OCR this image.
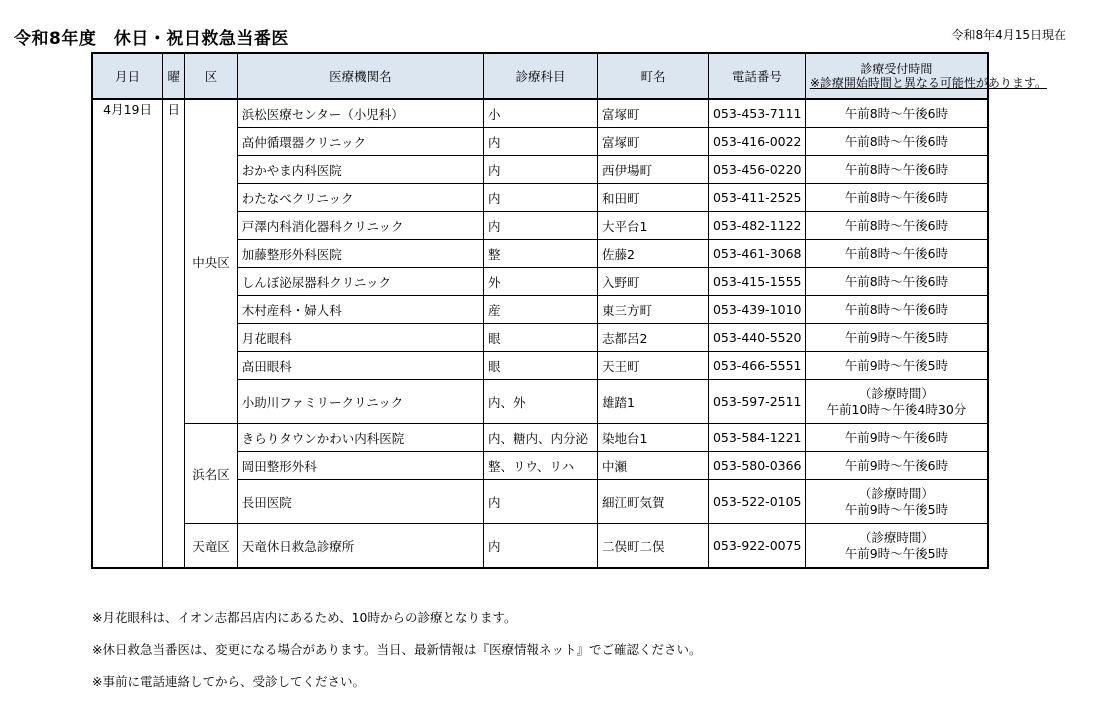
令和8年度　休日・祝日救急当番医	令和8年4月15日現在
月日	曜	区	医療機関名	診療科目	町名	電話番号	診療受付時間
※診療開始時間と異なる可能性があります。

4月19日	日	中央区	浜松医療センター（小児科）	小	富塚町	053-453-7111	午前8時～午後6時
			高仲循環器クリニック	内	富塚町	053-416-0022	午前8時～午後6時
			おかやま内科医院	内	西伊場町	053-456-0220	午前8時～午後6時
			わたなべクリニック	内	和田町	053-411-2525	午前8時～午後6時
			戸澤内科消化器科クリニック	内	大平台1	053-482-1122	午前8時～午後6時
			加藤整形外科医院	整	佐藤2	053-461-3068	午前8時～午後6時
			しんぼ泌尿器科クリニック	外	入野町	053-415-1555	午前8時～午後6時
			木村産科・婦人科	産	東三方町	053-439-1010	午前8時～午後6時
			月花眼科	眼	志都呂2	053-440-5520	午前9時～午後5時
			高田眼科	眼	天王町	053-466-5551	午前9時～午後5時
			小助川ファミリークリニック	内、外	雄踏1	053-597-2511	（診療時間）
午前10時～午後4時30分

		浜名区	きらりタウンかわい内科医院	内、糖内、内分泌	染地台1	053-584-1221	午前9時～午後6時
			岡田整形外科	整、リウ、リハ	中瀬	053-580-0366	午前9時～午後6時
			長田医院	内	細江町気賀	053-522-0105	（診療時間）
午前9時～午後5時

		天竜区	天竜休日救急診療所	内	二俣町二俣	053-922-0075	（診療時間）
午前9時～午後5時
※月花眼科は、イオン志都呂店内にあるため、10時からの診療となります。
※休日救急当番医は、変更になる場合があります。当日、最新情報は『医療情報ネット』でご確認ください。
※事前に電話連絡してから、受診してください。
